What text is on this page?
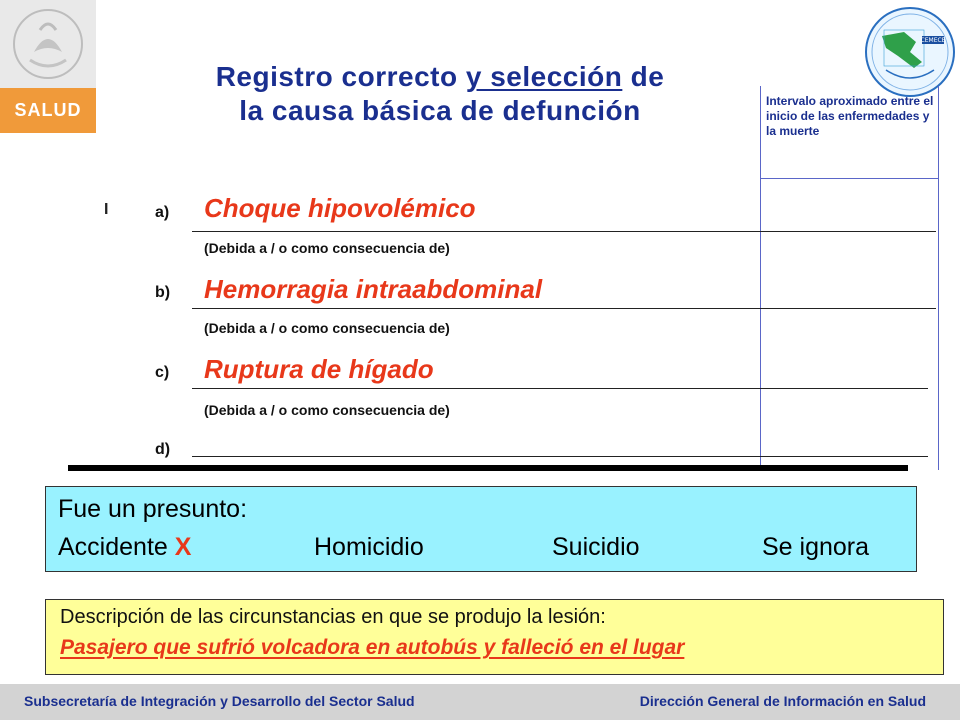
SALUD
CEMECE
Registro correcto y selección de
la causa básica de defunción	Intervalo aproximado entre el inicio de las enfermedades y la muerte
I	a) Choque hipovolémico
(Debida a / o como consecuencia de)
b) Hemorragia intraabdominal
(Debida a / o como consecuencia de)
c) Ruptura de hígado
(Debida a / o como consecuencia de)
d)
Fue un presunto:
Accidente X	Homicidio	Suicidio	Se ignora
Descripción de las circunstancias en que se produjo la lesión:
Pasajero que sufrió volcadora en autobús y falleció en el lugar
Subsecretaría de Integración y Desarrollo del Sector Salud	Dirección General de Información en Salud
